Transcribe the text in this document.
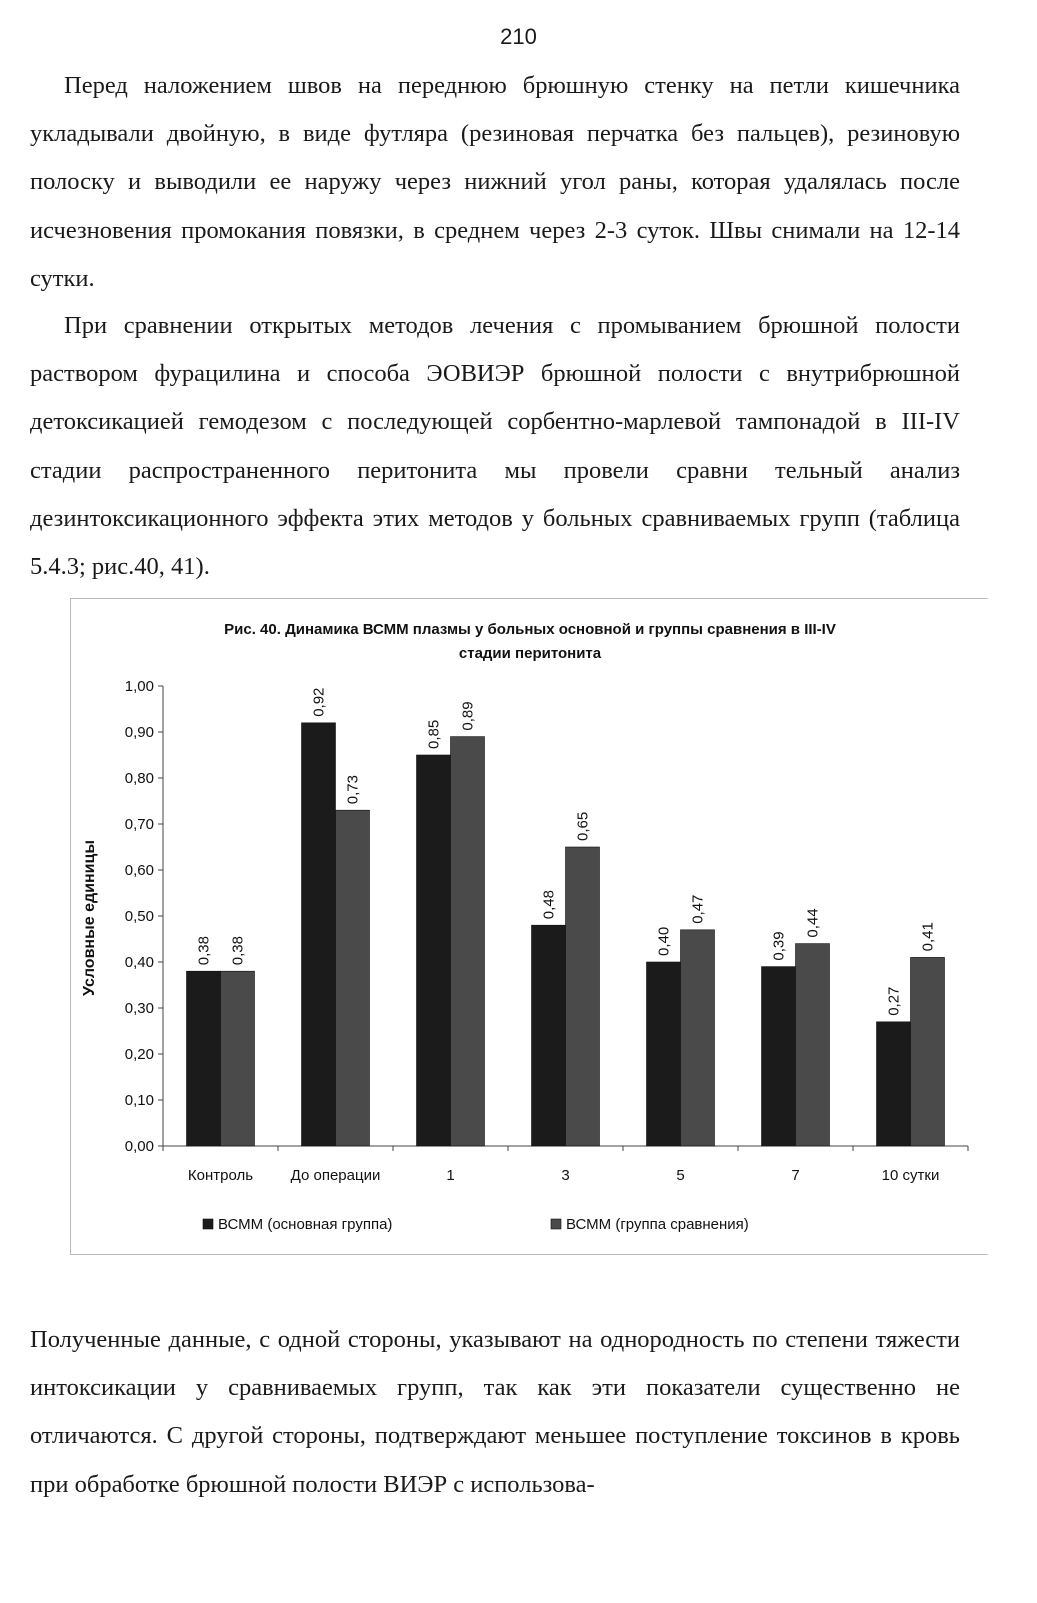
210

Перед наложением швов на переднюю брюшную стенку на петли кишечника укладывали двойную, в виде футляра (резиновая перчатка без пальцев), резиновую полоску и выводили ее наружу через нижний угол раны, которая удалялась после исчезновения промокания повязки, в среднем через 2-3 суток. Швы снимали на 12-14 сутки.

При сравнении открытых методов лечения с промыванием брюшной полости раствором фурацилина и способа ЭОВИЭР брюшной полости с внутрибрюшной детоксикацией гемодезом с последующей сорбентно-марлевой тампонадой в III-IV стадии распространенного перитонита мы провели сравни тельный анализ дезинтоксикационного эффекта этих методов у больных сравниваемых групп (таблица 5.4.3; рис.40, 41).

Рис. 40. Динамика ВСММ плазмы у больных основной и группы сравнения в III-IV
стадии перитонита
Условные единицы
0,00
0,10
0,20
0,30
0,40
0,50
0,60
0,70
0,80
0,90
1,00
Контроль
0,38 0,38
До операции
0,92
0,73
1
0,85
0,89
3
0,48
0,65
5
0,40
0,47
7
0,39
0,44
10 сутки
0,27
0,41
ВСММ (основная группа)	ВСММ (группа сравнения)

Полученные данные, с одной стороны, указывают на однородность по степени тяжести интоксикации у сравниваемых групп, так как эти показатели существенно не отличаются. С другой стороны, подтверждают меньшее поступление токсинов в кровь при обработке брюшной полости ВИЭР с использова-
